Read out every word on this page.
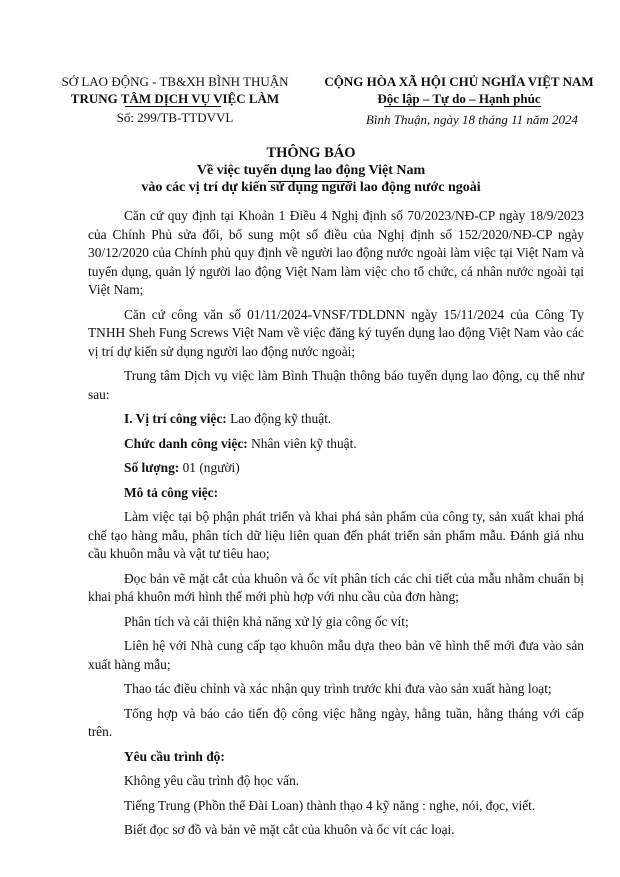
SỞ LAO ĐỘNG - TB&XH BÌNH THUẬN
TRUNG TÂM DỊCH VỤ VIỆC LÀM
Số: 299/TB-TTDVVL
CỘNG HÒA XÃ HỘI CHỦ NGHĨA VIỆT NAM
Độc lập – Tự do – Hạnh phúc
Bình Thuận, ngày 18 tháng 11 năm 2024
THÔNG BÁO
Về việc tuyển dụng lao động Việt Nam
vào các vị trí dự kiến sử dụng người lao động nước ngoài

Căn cứ quy định tại Khoản 1 Điều 4 Nghị định số 70/2023/NĐ-CP ngày 18/9/2023 của Chính Phủ sửa đổi, bổ sung một số điều của Nghị định số 152/2020/NĐ-CP ngày 30/12/2020 của Chính phủ quy định về người lao động nước ngoài làm việc tại Việt Nam và tuyển dụng, quản lý người lao động Việt Nam làm việc cho tổ chức, cá nhân nước ngoài tại Việt Nam;

Căn cứ công văn số 01/11/2024-VNSF/TDLDNN ngày 15/11/2024 của Công Ty TNHH Sheh Fung Screws Việt Nam về việc đăng ký tuyển dụng lao động Việt Nam vào các vị trí dự kiến sử dụng người lao động nước ngoài;

Trung tâm Dịch vụ việc làm Bình Thuận thông báo tuyển dụng lao động, cụ thể như sau:

I. Vị trí công việc: Lao động kỹ thuật.

Chức danh công việc: Nhân viên kỹ thuật.

Số lượng: 01 (người)

Mô tả công việc:

Làm việc tại bộ phận phát triển và khai phá sản phẩm của công ty, sản xuất khai phá chế tạo hàng mẫu, phân tích dữ liệu liên quan đến phát triển sản phẩm mẫu. Đánh giá nhu cầu khuôn mẫu và vật tư tiêu hao;

Đọc bản vẽ mặt cắt của khuôn và ốc vít phân tích các chi tiết của mẫu nhằm chuẩn bị khai phá khuôn mới hình thể mới phù hợp với nhu cầu của đơn hàng;

Phân tích và cải thiện khả năng xử lý gia công ốc vít;

Liên hệ với Nhà cung cấp tạo khuôn mẫu dựa theo bản vẽ hình thể mới đưa vào sản xuất hàng mẫu;

Thao tác điều chỉnh và xác nhận quy trình trước khi đưa vào sản xuất hàng loạt;

Tổng hợp và báo cáo tiến độ công việc hằng ngày, hằng tuần, hằng tháng với cấp trên.

Yêu cầu trình độ:

Không yêu cầu trình độ học vấn.

Tiếng Trung (Phồn thể Đài Loan) thành thạo 4 kỹ năng : nghe, nói, đọc, viết.

Biết đọc sơ đồ và bản vẽ mặt cắt của khuôn và ốc vít các loại.
